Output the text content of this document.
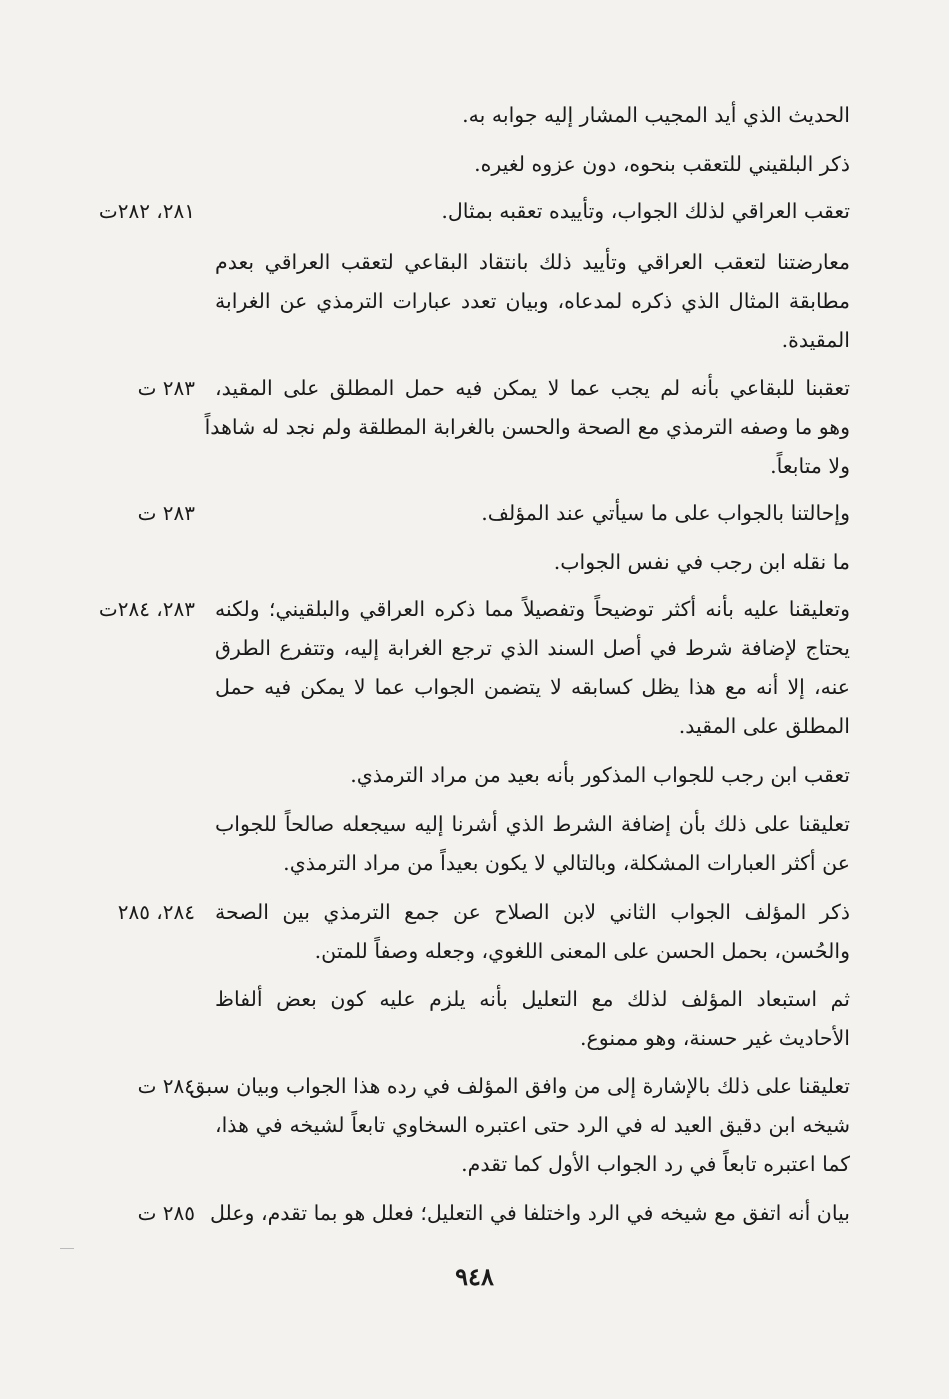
الحديث الذي أيد المجيب المشار إليه جوابه به.
ذكر البلقيني للتعقب بنحوه، دون عزوه لغيره.
تعقب العراقي لذلك الجواب، وتأييده تعقبه بمثال.
٢٨١، ٢٨٢ت
معارضتنا لتعقب العراقي وتأييد ذلك بانتقاد البقاعي لتعقب العراقي بعدم
مطابقة المثال الذي ذكره لمدعاه، وبيان تعدد عبارات الترمذي عن الغرابة
المقيدة.
تعقبنا للبقاعي بأنه لم يجب عما لا يمكن فيه حمل المطلق على المقيد،
وهو ما وصفه الترمذي مع الصحة والحسن بالغرابة المطلقة ولم نجد له شاهداً
ولا متابعاً.
٢٨٣ ت
وإحالتنا بالجواب على ما سيأتي عند المؤلف.
٢٨٣ ت
ما نقله ابن رجب في نفس الجواب.
وتعليقنا عليه بأنه أكثر توضيحاً وتفصيلاً مما ذكره العراقي والبلقيني؛ ولكنه
يحتاج لإضافة شرط في أصل السند الذي ترجع الغرابة إليه، وتتفرع الطرق
عنه، إلا أنه مع هذا يظل كسابقه لا يتضمن الجواب عما لا يمكن فيه حمل
المطلق على المقيد.
٢٨٣، ٢٨٤ت
تعقب ابن رجب للجواب المذكور بأنه بعيد من مراد الترمذي.
تعليقنا على ذلك بأن إضافة الشرط الذي أشرنا إليه سيجعله صالحاً للجواب
عن أكثر العبارات المشكلة، وبالتالي لا يكون بعيداً من مراد الترمذي.
ذكر المؤلف الجواب الثاني لابن الصلاح عن جمع الترمذي بين الصحة
والحُسن، بحمل الحسن على المعنى اللغوي، وجعله وصفاً للمتن.
٢٨٤، ٢٨٥
ثم استبعاد المؤلف لذلك مع التعليل بأنه يلزم عليه كون بعض ألفاظ
الأحاديث غير حسنة، وهو ممنوع.
تعليقنا على ذلك بالإشارة إلى من وافق المؤلف في رده هذا الجواب وبيان سبق
شيخه ابن دقيق العيد له في الرد حتى اعتبره السخاوي تابعاً لشيخه في هذا،
كما اعتبره تابعاً في رد الجواب الأول كما تقدم.
٢٨٤ ت
بيان أنه اتفق مع شيخه في الرد واختلفا في التعليل؛ فعلل هو بما تقدم، وعلل
٢٨٥ ت
٩٤٨
